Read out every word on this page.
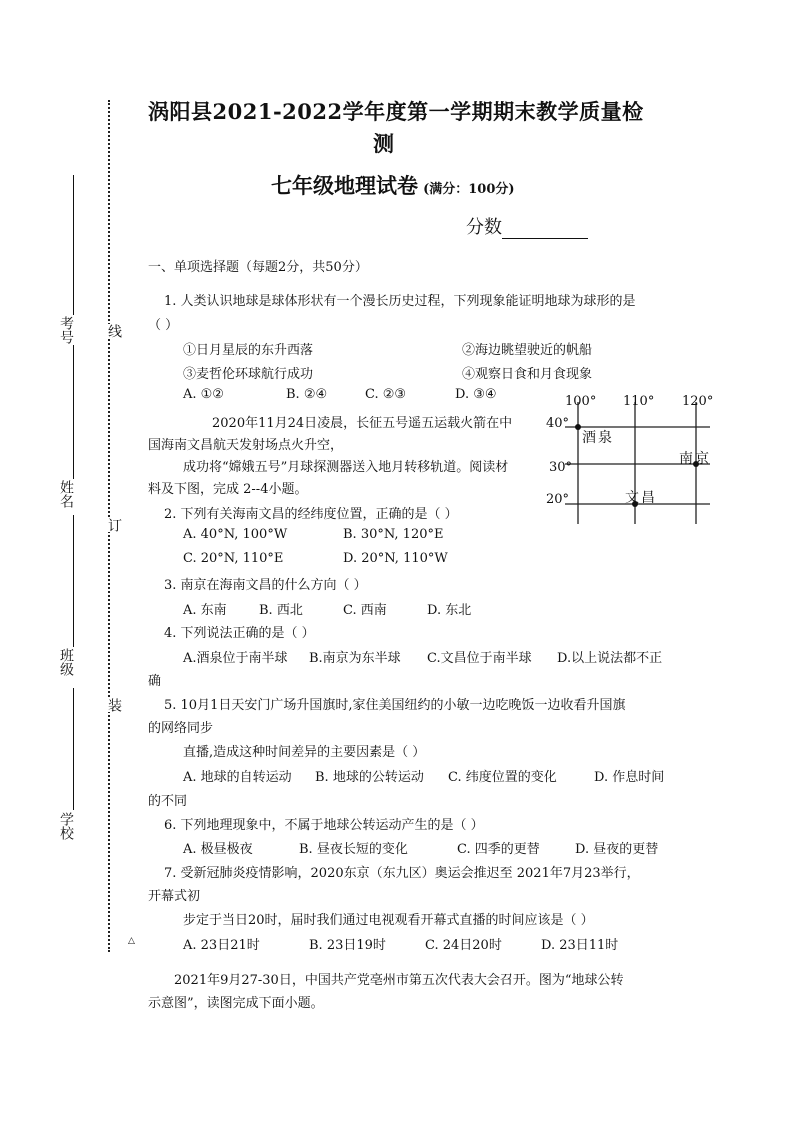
考号
姓名
班级
学校
线
订
装
△
涡阳县2021-2022学年度第一学期期末教学质量检
测
七年级地理试卷 (满分：100分)
分数
一、单项选择题（每题2分，共50分）
1. 人类认识地球是球体形状有一个漫长历史过程，下列现象能证明地球为球形的是
（ ）
①日月星辰的东升西落	②海边眺望驶近的帆船
③麦哲伦环球航行成功	④观察日食和月食现象
A. ①②	B. ②④	C. ②③	D. ③④
2020年11月24日凌晨，长征五号遥五运载火箭在中
国海南文昌航天发射场点火升空，
成功将“嫦娥五号”月球探测器送入地月转移轨道。阅读材
料及下图，完成 2--4小题。
100° 110° 120°
40°
30°
20°
酒泉
南京
文昌
2. 下列有关海南文昌的经纬度位置，正确的是（ ）
A. 40°N, 100°W	B. 30°N, 120°E
C. 20°N, 110°E	D. 20°N, 110°W
3. 南京在海南文昌的什么方向（ ）
A. 东南 B. 西北	C. 西南	D. 东北
4. 下列说法正确的是（ ）
A.酒泉位于南半球 B.南京为东半球 C.文昌位于南半球 D.以上说法都不正
确
5. 10月1日天安门广场升国旗时,家住美国纽约的小敏一边吃晚饭一边收看升国旗
的网络同步
直播,造成这种时间差异的主要因素是（ ）
A. 地球的自转运动 B. 地球的公转运动 C. 纬度位置的变化	D. 作息时间
的不同
6. 下列地理现象中，不属于地球公转运动产生的是（ ）
A. 极昼极夜	B. 昼夜长短的变化	C. 四季的更替	D. 昼夜的更替
7. 受新冠肺炎疫情影响，2020东京（东九区）奥运会推迟至 2021年7月23举行，
开幕式初
步定于当日20时，届时我们通过电视观看开幕式直播的时间应该是（ ）
A. 23日21时	B. 23日19时	C. 24日20时	D. 23日11时
2021年9月27-30日，中国共产党亳州市第五次代表大会召开。图为“地球公转
示意图”，读图完成下面小题。
